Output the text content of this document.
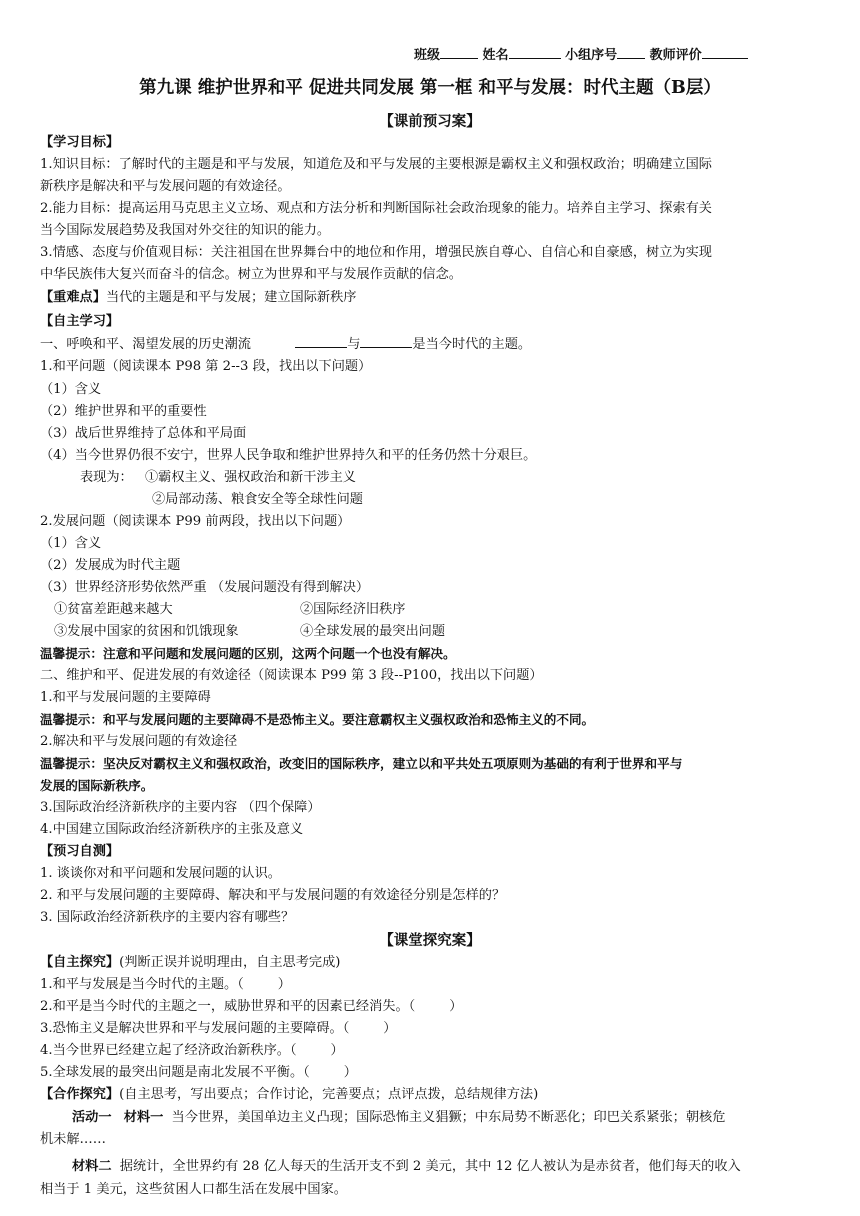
班级	姓名	小组序号	教师评价
第九课 维护世界和平 促进共同发展 第一框 和平与发展：时代主题（B层）
【课前预习案】
【学习目标】
1.知识目标：了解时代的主题是和平与发展，知道危及和平与发展的主要根源是霸权主义和强权政治；明确建立国际
新秩序是解决和平与发展问题的有效途径。
2.能力目标：提高运用马克思主义立场、观点和方法分析和判断国际社会政治现象的能力。培养自主学习、探索有关
当今国际发展趋势及我国对外交往的知识的能力。
3.情感、态度与价值观目标：关注祖国在世界舞台中的地位和作用，增强民族自尊心、自信心和自豪感，树立为实现
中华民族伟大复兴而奋斗的信念。树立为世界和平与发展作贡献的信念。
【重难点】当代的主题是和平与发展；建立国际新秩序
【自主学习】
一、呼唤和平、渴望发展的历史潮流	与	是当今时代的主题。
1.和平问题（阅读课本 P98 第 2--3 段，找出以下问题）
（1）含义
（2）维护世界和平的重要性
（3）战后世界维持了总体和平局面
（4）当今世界仍很不安宁，世界人民争取和维护世界持久和平的任务仍然十分艰巨。
表现为： ①霸权主义、强权政治和新干涉主义
②局部动荡、粮食安全等全球性问题
2.发展问题（阅读课本 P99 前两段，找出以下问题）
（1）含义
（2）发展成为时代主题
（3）世界经济形势依然严重 （发展问题没有得到解决）
①贫富差距越来越大	②国际经济旧秩序
③发展中国家的贫困和饥饿现象	④全球发展的最突出问题
温馨提示：注意和平问题和发展问题的区别，这两个问题一个也没有解决。
二、维护和平、促进发展的有效途径（阅读课本 P99 第 3 段--P100，找出以下问题）
1.和平与发展问题的主要障碍
温馨提示：和平与发展问题的主要障碍不是恐怖主义。要注意霸权主义强权政治和恐怖主义的不同。
2.解决和平与发展问题的有效途径
温馨提示：坚决反对霸权主义和强权政治，改变旧的国际秩序，建立以和平共处五项原则为基础的有利于世界和平与
发展的国际新秩序。
3.国际政治经济新秩序的主要内容 （四个保障）
4.中国建立国际政治经济新秩序的主张及意义
【预习自测】
1. 谈谈你对和平问题和发展问题的认识。
2. 和平与发展问题的主要障碍、解决和平与发展问题的有效途径分别是怎样的？
3. 国际政治经济新秩序的主要内容有哪些？
【课堂探究案】
【自主探究】(判断正误并说明理由，自主思考完成)
1.和平与发展是当今时代的主题。（	）
2.和平是当今时代的主题之一，威胁世界和平的因素已经消失。（	）
3.恐怖主义是解决世界和平与发展问题的主要障碍。（	）
4.当今世界已经建立起了经济政治新秩序。（	）
5.全球发展的最突出问题是南北发展不平衡。（	）
【合作探究】(自主思考，写出要点；合作讨论，完善要点；点评点拨，总结规律方法)
活动一 材料一 当今世界，美国单边主义凸现；国际恐怖主义猖獗；中东局势不断恶化；印巴关系紧张；朝核危
机未解……
材料二 据统计，全世界约有 28 亿人每天的生活开支不到 2 美元，其中 12 亿人被认为是赤贫者，他们每天的收入
相当于 1 美元，这些贫困人口都生活在发展中国家。
